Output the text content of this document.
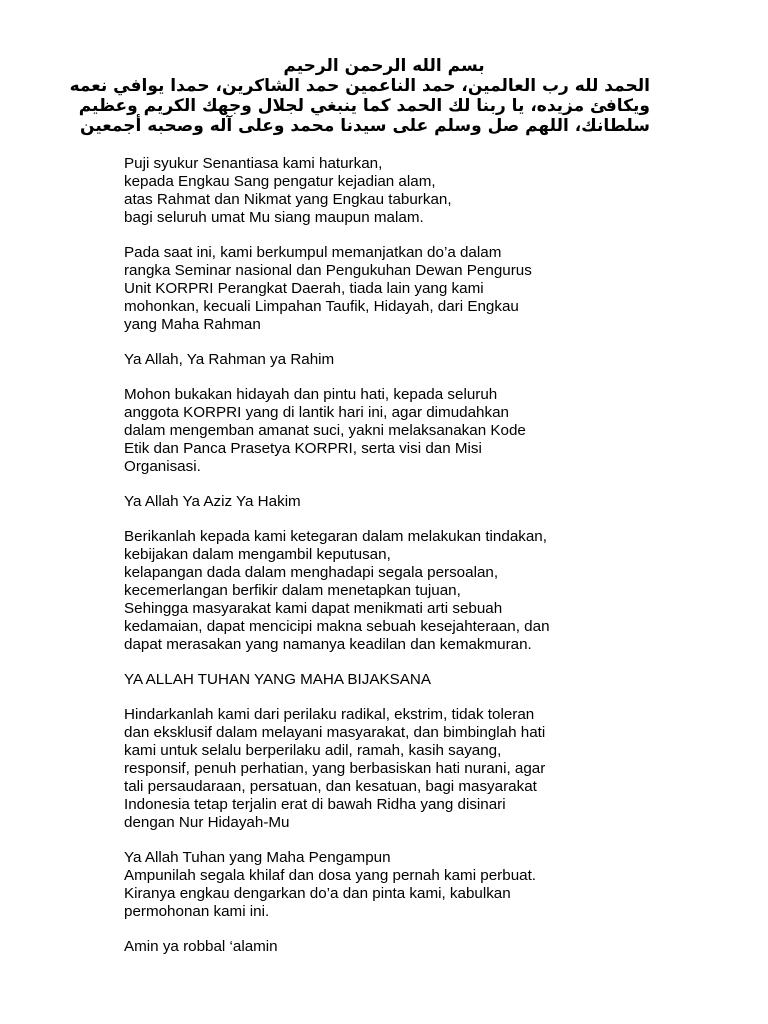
بسم الله الرحمن الرحيم
الحمد لله رب العالمين، حمد الناعمين حمد الشاكرين، حمدا يوافي نعمه
ويكافئ مزيده، يا ربنا لك الحمد كما ينبغي لجلال وجهك الكريم وعظيم
سلطانك، اللهم صل وسلم على سيدنا محمد وعلى آله وصحبه أجمعين
Puji syukur Senantiasa kami haturkan,
kepada Engkau Sang pengatur kejadian alam,
atas Rahmat dan Nikmat yang Engkau taburkan,
bagi seluruh umat Mu siang maupun malam.
Pada saat ini, kami berkumpul memanjatkan do’a dalam
rangka Seminar nasional dan Pengukuhan Dewan Pengurus
Unit KORPRI Perangkat Daerah, tiada lain yang kami
mohonkan, kecuali Limpahan Taufik, Hidayah, dari Engkau
yang Maha Rahman
Ya Allah, Ya Rahman ya Rahim
Mohon bukakan hidayah dan pintu hati, kepada seluruh
anggota KORPRI yang di lantik hari ini, agar dimudahkan
dalam mengemban amanat suci, yakni melaksanakan Kode
Etik dan Panca Prasetya KORPRI, serta visi dan Misi
Organisasi.
Ya Allah Ya Aziz Ya Hakim
Berikanlah kepada kami ketegaran dalam melakukan tindakan,
kebijakan dalam mengambil keputusan,
kelapangan dada dalam menghadapi segala persoalan,
kecemerlangan berfikir dalam menetapkan tujuan,
Sehingga masyarakat kami dapat menikmati arti sebuah
kedamaian, dapat mencicipi makna sebuah kesejahteraan, dan
dapat merasakan yang namanya keadilan dan kemakmuran.
YA ALLAH TUHAN YANG MAHA BIJAKSANA
Hindarkanlah kami dari perilaku radikal, ekstrim, tidak toleran
dan eksklusif dalam melayani masyarakat, dan bimbinglah hati
kami untuk selalu berperilaku adil, ramah, kasih sayang,
responsif, penuh perhatian, yang berbasiskan hati nurani, agar
tali persaudaraan, persatuan, dan kesatuan, bagi masyarakat
Indonesia tetap terjalin erat di bawah Ridha yang disinari
dengan Nur Hidayah-Mu
Ya Allah Tuhan yang Maha Pengampun
Ampunilah segala khilaf dan dosa yang pernah kami perbuat.
Kiranya engkau dengarkan do’a dan pinta kami, kabulkan
permohonan kami ini.
Amin ya robbal ‘alamin
